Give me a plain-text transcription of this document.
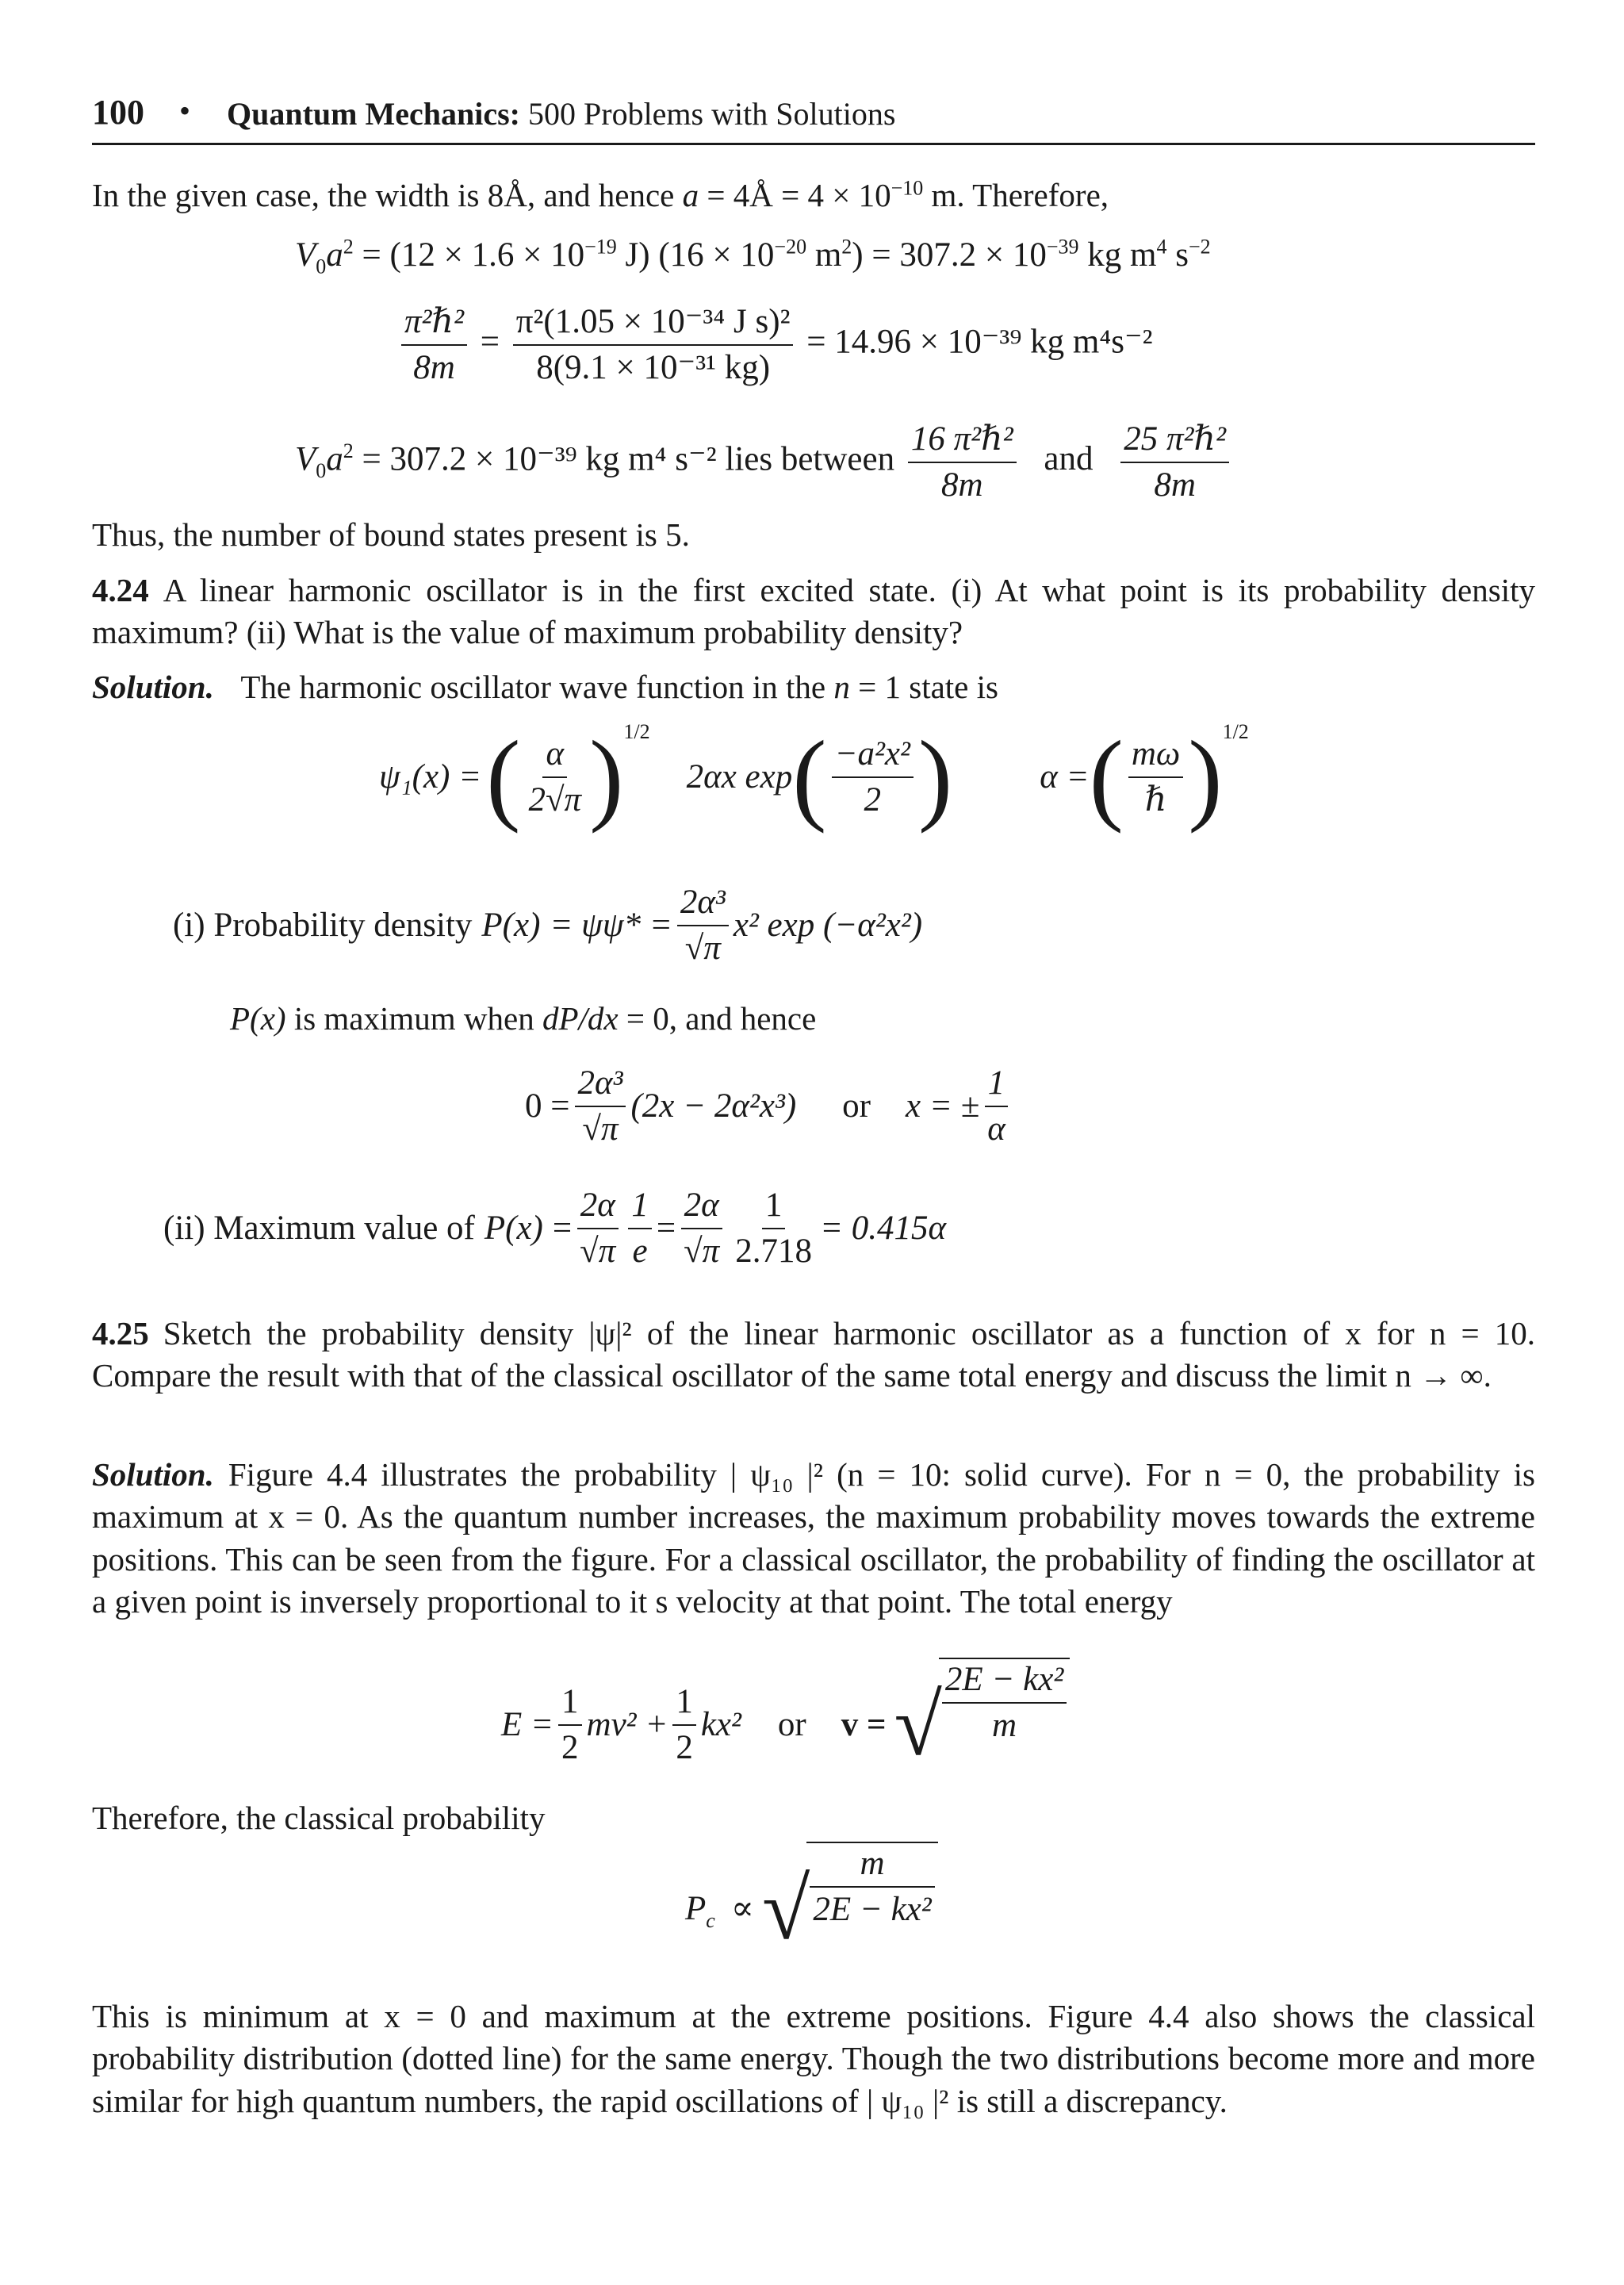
100 • Quantum Mechanics: 500 Problems with Solutions
In the given case, the width is 8Å, and hence a = 4Å = $4 \times 10^{-10}$ m. Therefore,
$V_0a^2 = (12 \times 1.6 \times 10^{-19}$ J) ($16 \times 10^{-20}$ $m^2) = 307.2 \times 10^{-39}$ kg $m^4$ $s^{-2}$
$\frac{\text{π²ℏ²}}{8m} = \frac{\text{π²(1.05 × 10⁻³⁴ J s)²}}{\text{8(9.1 × 10⁻³¹ kg)}} = 14.96 \times 10^{-39}$ kg m⁴s⁻²
$V_0a^2 = 307.2 \times 10^{-39}$ kg m⁴ s⁻² lies between $\frac{\text{16 π²ℏ²}}{8m}$ and $\frac{\text{25 π²ℏ²}}{8m}$
Thus, the number of bound states present is 5.
4.24 A linear harmonic oscillator is in the first excited state. (i) At what point is its probability density maximum? (ii) What is the value of maximum probability density?
Solution. The harmonic oscillator wave function in the n = 1 state is
ψ₁(x) = ( $\frac{\alpha}{2√\pi}$ ) 1/2
2αx exp ( $\frac{\text{−a²x²}}{2}$ )	α = ( $\frac{m\omega}{\text{ℏ}}$ ) 1/2
(i) Probability density $P(x) = \psi\psi* = \frac{\text{2α³}}{√\pi} x^2$ exp (−α²x²)
P(x) is maximum when dP/dx = 0, and hence
$0 = \frac{\text{2α³}}{√\pi} (2x - 2\alpha^2x^3)$ or x = ± $\frac{1}{\alpha}$
(ii) Maximum value of $P(x) = \frac{2\alpha}{√\pi} \frac{1}{e} = \frac{2\alpha}{√\pi} \frac{1}{2.718} = 0.415\alpha$
4.25 Sketch the probability density |ψ|² of the linear harmonic oscillator as a function of x for n = 10. Compare the result with that of the classical oscillator of the same total energy and discuss the limit n → ∞.
Solution. Figure 4.4 illustrates the probability | ψ₁₀ |² (n = 10: solid curve). For n = 0, the probability is maximum at x = 0. As the quantum number increases, the maximum probability moves towards the extreme positions. This can be seen from the figure. For a classical oscillator, the probability of finding the oscillator at a given point is inversely proportional to it s velocity at that point. The total energy
$E = \frac{1}{2} mv^2 + \frac{1}{2} kx^2$ or v = √
$\frac{\text{2E − kx²}}{m}$
Therefore, the classical probability
P c ∝ √
$\frac{m}{\text{2E − kx²}}$
This is minimum at x = 0 and maximum at the extreme positions. Figure 4.4 also shows the classical probability distribution (dotted line) for the same energy. Though the two distributions become more and more similar for high quantum numbers, the rapid oscillations of | ψ₁₀ |² is still a discrepancy.
